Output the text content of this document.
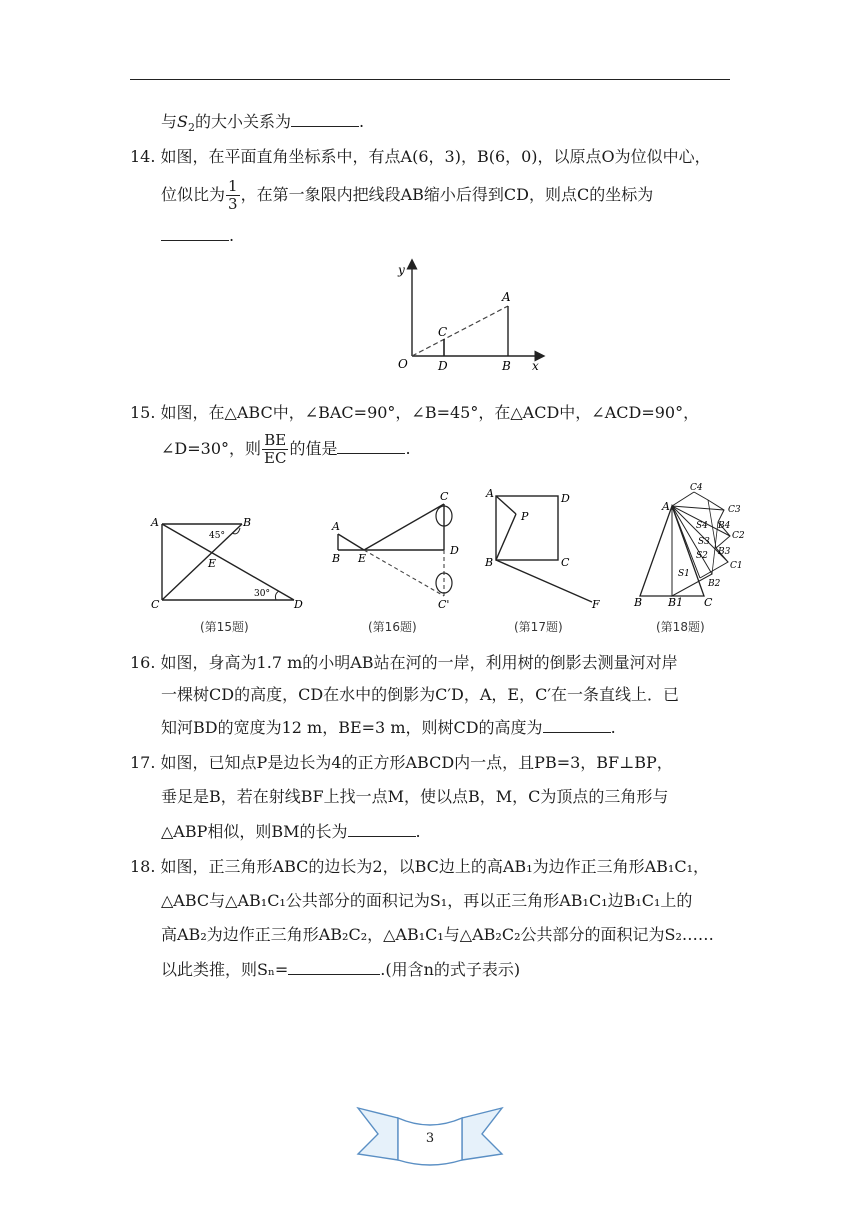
与$S_2$的大小关系为	.
14. 如图，在平面直角坐标系中，有点A(6，3)，B(6，0)，以原点O为位似中心，
位似比为 $\frac{1}{3}$ ，在第一象限内把线段AB缩小后得到CD，则点C的坐标为
.
y
x
O
A
B
C
D
15. 如图，在△ABC中，∠BAC=90°，∠B=45°，在△ACD中，∠ACD=90°，
∠D=30°，则 $\frac{BE}{EC}$ 的值是	.
A	B
C	D
E
45°
30°
(第15题)
A
B E
C
D
C'
(第16题)
A	D
P
B	C
F
(第17题)
A
B B1 C
B2
C1
B3
C2
B4
C3
C4
S1
S2
S3
S4
(第18题)
16. 如图，身高为1.7 m的小明AB站在河的一岸，利用树的倒影去测量河对岸
一棵树CD的高度，CD在水中的倒影为C′D，A，E，C′在一条直线上．已
知河BD的宽度为12 m，BE=3 m，则树CD的高度为	.
17. 如图，已知点P是边长为4的正方形ABCD内一点，且PB=3，BF⊥BP，
垂足是B，若在射线BF上找一点M，使以点B，M，C为顶点的三角形与
△ABP相似，则BM的长为	.
18. 如图，正三角形ABC的边长为2，以BC边上的高AB₁为边作正三角形AB₁C₁，
△ABC与△AB₁C₁公共部分的面积记为S₁，再以正三角形AB₁C₁边B₁C₁上的
高AB₂为边作正三角形AB₂C₂，△AB₁C₁与△AB₂C₂公共部分的面积记为S₂……
以此类推，则Sₙ=	.(用含n的式子表示)
3
